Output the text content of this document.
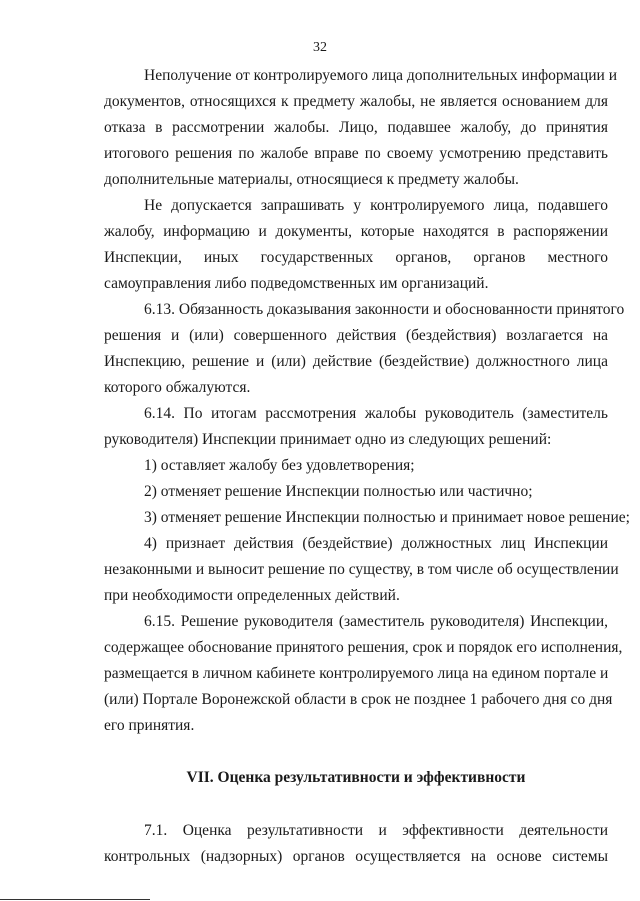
32
Неполучение от контролируемого лица дополнительных информации и
документов, относящихся к предмету жалобы, не является основанием для
отказа в рассмотрении жалобы. Лицо, подавшее жалобу, до принятия
итогового решения по жалобе вправе по своему усмотрению представить
дополнительные материалы, относящиеся к предмету жалобы.
Не допускается запрашивать у контролируемого лица, подавшего
жалобу, информацию и документы, которые находятся в распоряжении
Инспекции, иных государственных органов, органов местного
самоуправления либо подведомственных им организаций.
6.13. Обязанность доказывания законности и обоснованности принятого
решения и (или) совершенного действия (бездействия) возлагается на
Инспекцию, решение и (или) действие (бездействие) должностного лица
которого обжалуются.
6.14. По итогам рассмотрения жалобы руководитель (заместитель
руководителя) Инспекции принимает одно из следующих решений:
1) оставляет жалобу без удовлетворения;
2) отменяет решение Инспекции полностью или частично;
3) отменяет решение Инспекции полностью и принимает новое решение;
4) признает действия (бездействие) должностных лиц Инспекции
незаконными и выносит решение по существу, в том числе об осуществлении
при необходимости определенных действий.
6.15. Решение руководителя (заместитель руководителя) Инспекции,
содержащее обоснование принятого решения, срок и порядок его исполнения,
размещается в личном кабинете контролируемого лица на едином портале и
(или) Портале Воронежской области в срок не позднее 1 рабочего дня со дня
его принятия.
VII. Оценка результативности и эффективности
7.1. Оценка результативности и эффективности деятельности
контрольных (надзорных) органов осуществляется на основе системы
